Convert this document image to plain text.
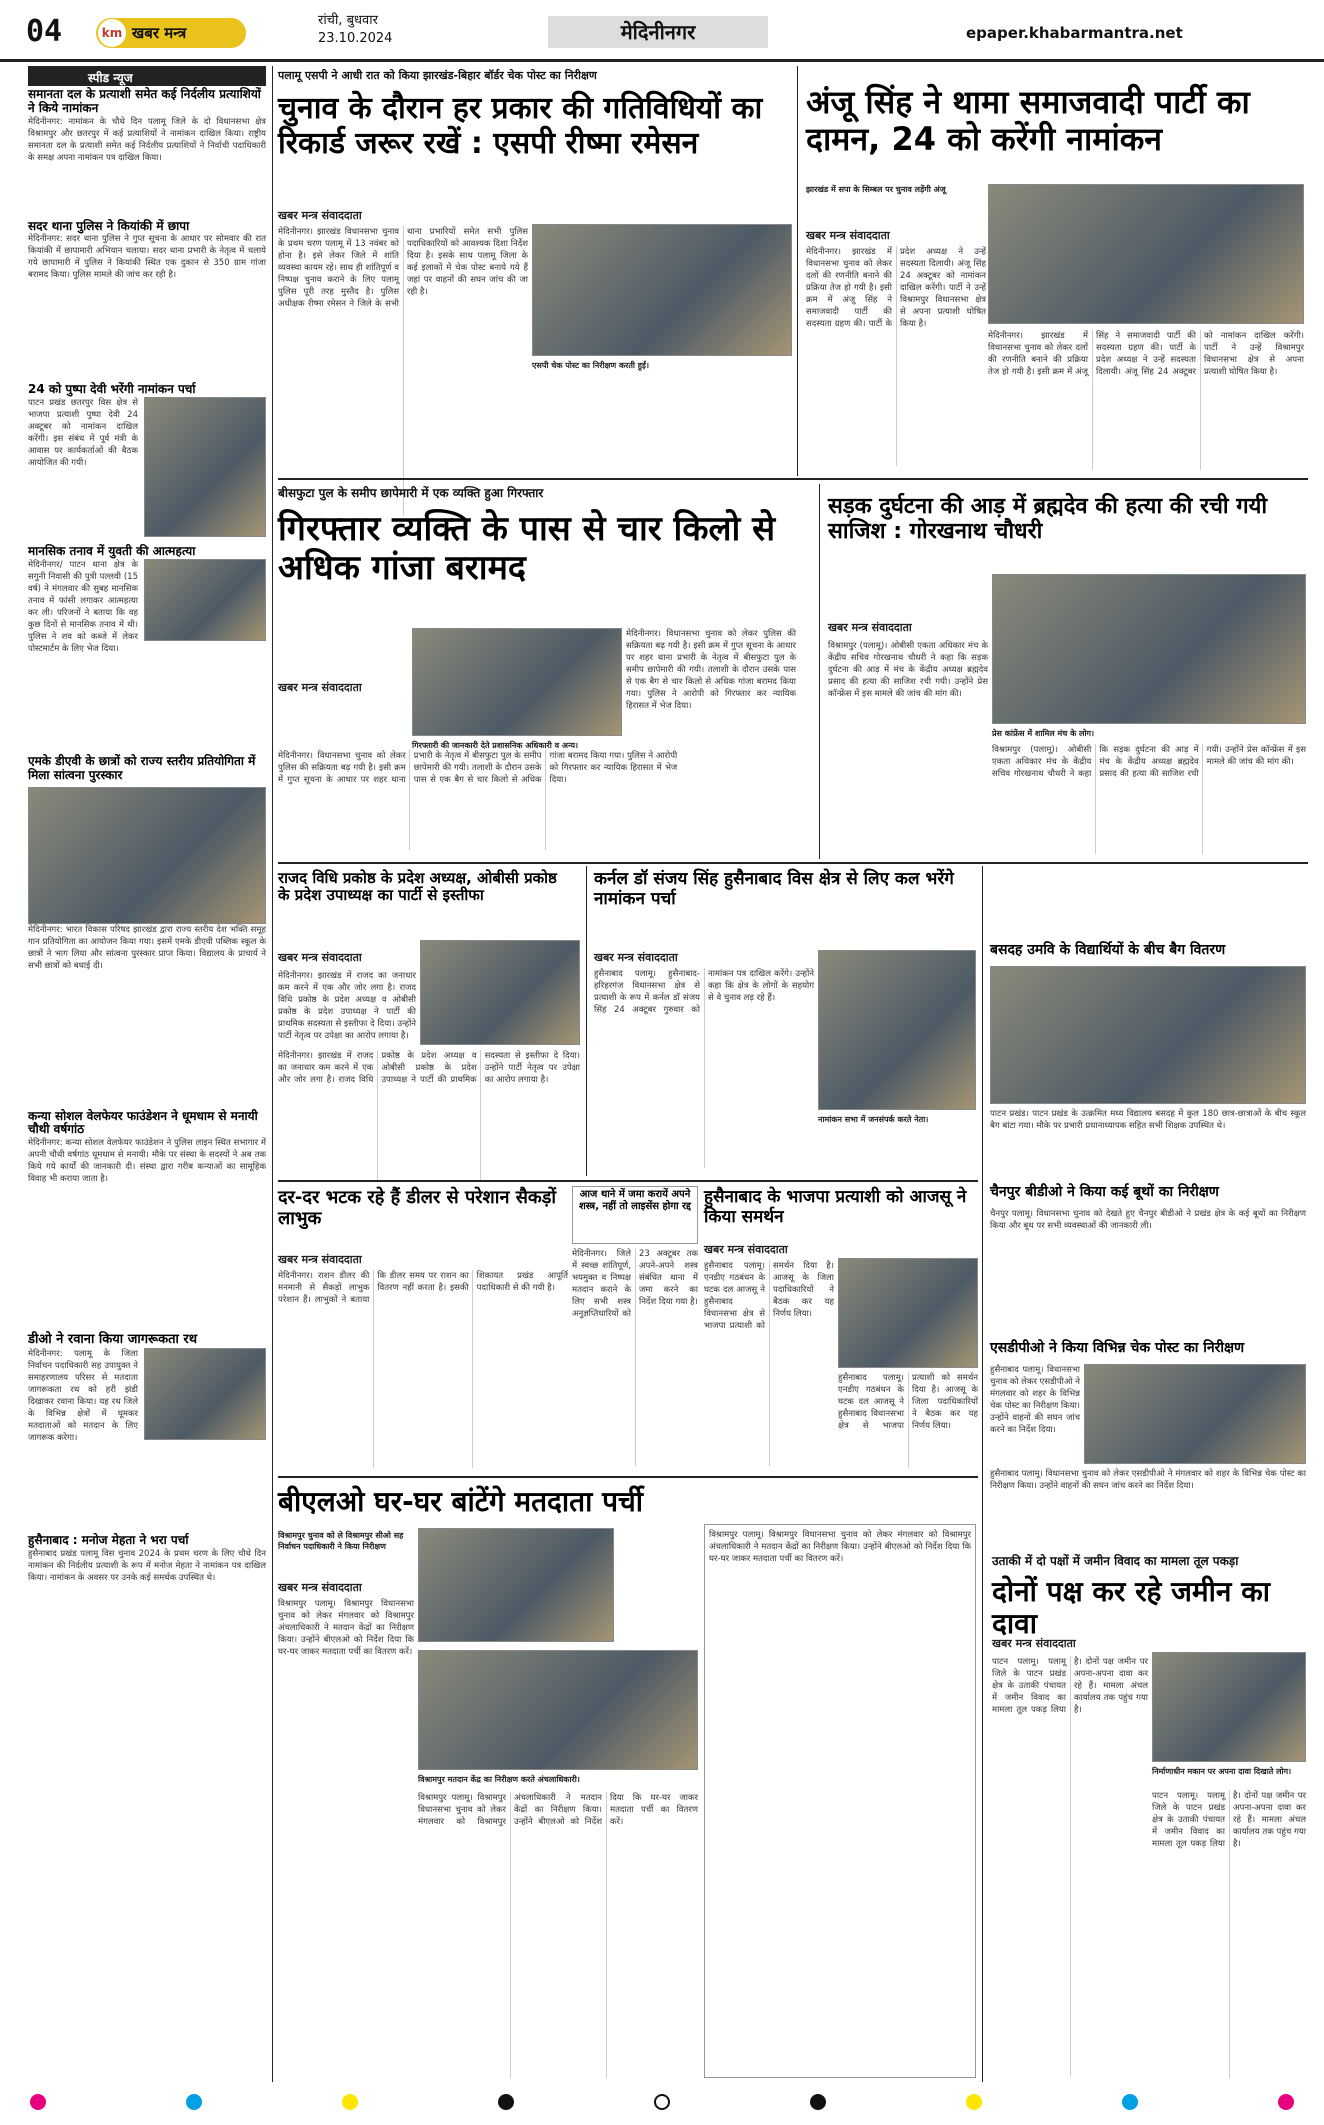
04	km खबर मन्त्र
रांची, बुधवार
23.10.2024	मेदिनीनगर	epaper.khabarmantra.net
स्पीड न्यूज
समानता दल के प्रत्याशी समेत कई निर्दलीय प्रत्याशियों ने किये नामांकन
मेदिनीनगर: नामांकन के चौथे दिन पलामू जिले के दो विधानसभा क्षेत्र विश्रामपुर और छतरपुर में कई प्रत्याशियों ने नामांकन दाखिल किया। राष्ट्रीय समानता दल के प्रत्याशी समेत कई निर्दलीय प्रत्याशियों ने निर्वाची पदाधिकारी के समक्ष अपना नामांकन पत्र दाखिल किया।
सदर थाना पुलिस ने कियांकी में छापा
मेदिनीनगर: सदर थाना पुलिस ने गुप्त सूचना के आधार पर सोमवार की रात कियांकी में छापामारी अभियान चलाया। सदर थाना प्रभारी के नेतृत्व में चलाये गये छापामारी में पुलिस ने कियांकी स्थित एक दुकान से 350 ग्राम गांजा बरामद किया। पुलिस मामले की जांच कर रही है।
24 को पुष्पा देवी भरेंगी नामांकन पर्चा
पाटन प्रखंड छतरपुर विस क्षेत्र से भाजपा प्रत्याशी पुष्पा देवी 24 अक्टूबर को नामांकन दाखिल करेंगी। इस संबंध में पूर्व मंत्री के आवास पर कार्यकर्ताओं की बैठक आयोजित की गयी।
मानसिक तनाव में युवती की आत्महत्या
मेदिनीनगर/ पाटन थाना क्षेत्र के सगुनी निवासी की पुत्री पल्लवी (15 वर्ष) ने मंगलवार की सुबह मानसिक तनाव में फांसी लगाकर आत्महत्या कर ली। परिजनों ने बताया कि वह कुछ दिनों से मानसिक तनाव में थी। पुलिस ने शव को कब्जे में लेकर पोस्टमार्टम के लिए भेज दिया।
एमके डीएवी के छात्रों को राज्य स्तरीय प्रतियोगिता में मिला सांत्वना पुरस्कार
मेदिनीनगर: भारत विकास परिषद झारखंड द्वारा राज्य स्तरीय देश भक्ति समूह गान प्रतियोगिता का आयोजन किया गया। इसमें एमके डीएवी पब्लिक स्कूल के छात्रों ने भाग लिया और सांत्वना पुरस्कार प्राप्त किया। विद्यालय के प्राचार्य ने सभी छात्रों को बधाई दी।
कन्या सोशल वेलफेयर फाउंडेशन ने धूमधाम से मनायी चौथी वर्षगांठ
मेदिनीनगर: कन्या सोशल वेलफेयर फाउंडेशन ने पुलिस लाइन स्थित सभागार में अपनी चौथी वर्षगांठ धूमधाम से मनायी। मौके पर संस्था के सदस्यों ने अब तक किये गये कार्यों की जानकारी दी। संस्था द्वारा गरीब कन्याओं का सामूहिक विवाह भी कराया जाता है।
डीओ ने रवाना किया जागरूकता रथ
मेदिनीनगर: पलामू के जिला निर्वाचन पदाधिकारी सह उपायुक्त ने समाहरणालय परिसर से मतदाता जागरूकता रथ को हरी झंडी दिखाकर रवाना किया। यह रथ जिले के विभिन्न क्षेत्रों में घूमकर मतदाताओं को मतदान के लिए जागरूक करेगा।
हुसैनाबाद : मनोज मेहता ने भरा पर्चा
हुसैनाबाद प्रखंड पलामू विस चुनाव 2024 के प्रथम चरण के लिए चौथे दिन नामांकन की निर्दलीय प्रत्याशी के रूप में मनोज मेहता ने नामांकन पत्र दाखिल किया। नामांकन के अवसर पर उनके कई समर्थक उपस्थित थे।
पलामू एसपी ने आधी रात को किया झारखंड-बिहार बॉर्डर चेक पोस्ट का निरीक्षण
चुनाव के दौरान हर प्रकार की गतिविधियों का रिकार्ड जरूर रखें : एसपी रीष्मा रमेसन
खबर मन्त्र संवाददाता
मेदिनीनगर। झारखंड विधानसभा चुनाव के प्रथम चरण पलामू में 13 नवंबर को होना है। इसे लेकर जिले में शांति व्यवस्था कायम रहे। साथ ही शांतिपूर्ण व निष्पक्ष चुनाव कराने के लिए पलामू पुलिस पूरी तरह मुस्तैद है। पुलिस अधीक्षक रीष्मा रमेसन ने जिले के सभी थाना प्रभारियों समेत सभी पुलिस पदाधिकारियों को आवश्यक दिशा निर्देश दिया है। इसके साथ पलामू जिला के कई इलाकों में चेक पोस्ट बनाये गये हैं जहां पर वाहनों की सघन जांच की जा रही है।
एसपी चेक पोस्ट का निरीक्षण करती हुईं।
अंजू सिंह ने थामा समाजवादी पार्टी का दामन, 24 को करेंगी नामांकन
झारखंड में सपा के सिम्बल पर चुनाव लड़ेंगी अंजू
खबर मन्त्र संवाददाता
मेदिनीनगर। झारखंड में विधानसभा चुनाव को लेकर दलों की रणनीति बनाने की प्रक्रिया तेज हो गयी है। इसी क्रम में अंजू सिंह ने समाजवादी पार्टी की सदस्यता ग्रहण की। पार्टी के प्रदेश अध्यक्ष ने उन्हें सदस्यता दिलायी। अंजू सिंह 24 अक्टूबर को नामांकन दाखिल करेंगी। पार्टी ने उन्हें विश्रामपुर विधानसभा क्षेत्र से अपना प्रत्याशी घोषित किया है।
मेदिनीनगर। झारखंड में विधानसभा चुनाव को लेकर दलों की रणनीति बनाने की प्रक्रिया तेज हो गयी है। इसी क्रम में अंजू सिंह ने समाजवादी पार्टी की सदस्यता ग्रहण की। पार्टी के प्रदेश अध्यक्ष ने उन्हें सदस्यता दिलायी। अंजू सिंह 24 अक्टूबर को नामांकन दाखिल करेंगी। पार्टी ने उन्हें विश्रामपुर विधानसभा क्षेत्र से अपना प्रत्याशी घोषित किया है।
बीसफुटा पुल के समीप छापेमारी में एक व्यक्ति हुआ गिरफ्तार
गिरफ्तार व्यक्ति के पास से चार किलो से अधिक गांजा बरामद
खबर मन्त्र संवाददाता
गिरफ्तारी की जानकारी देते प्रशासनिक अधिकारी व अन्य।
मेदिनीनगर। विधानसभा चुनाव को लेकर पुलिस की सक्रियता बढ़ गयी है। इसी क्रम में गुप्त सूचना के आधार पर शहर थाना प्रभारी के नेतृत्व में बीसफुटा पुल के समीप छापेमारी की गयी। तलाशी के दौरान उसके पास से एक बैग से चार किलो से अधिक गांजा बरामद किया गया। पुलिस ने आरोपी को गिरफ्तार कर न्यायिक हिरासत में भेज दिया।
मेदिनीनगर। विधानसभा चुनाव को लेकर पुलिस की सक्रियता बढ़ गयी है। इसी क्रम में गुप्त सूचना के आधार पर शहर थाना प्रभारी के नेतृत्व में बीसफुटा पुल के समीप छापेमारी की गयी। तलाशी के दौरान उसके पास से एक बैग से चार किलो से अधिक गांजा बरामद किया गया। पुलिस ने आरोपी को गिरफ्तार कर न्यायिक हिरासत में भेज दिया।
सड़क दुर्घटना की आड़ में ब्रह्मदेव की हत्या की रची गयी साजिश : गोरखनाथ चौधरी
खबर मन्त्र संवाददाता
विश्रामपुर (पलामू)। ओबीसी एकता अधिकार मंच के केंद्रीय सचिव गोरखनाथ चौधरी ने कहा कि सड़क दुर्घटना की आड़ में मंच के केंद्रीय अध्यक्ष ब्रह्मदेव प्रसाद की हत्या की साजिश रची गयी। उन्होंने प्रेस कॉन्फ्रेंस में इस मामले की जांच की मांग की।
प्रेस कांफ्रेंस में शामिल मंच के लोग।
विश्रामपुर (पलामू)। ओबीसी एकता अधिकार मंच के केंद्रीय सचिव गोरखनाथ चौधरी ने कहा कि सड़क दुर्घटना की आड़ में मंच के केंद्रीय अध्यक्ष ब्रह्मदेव प्रसाद की हत्या की साजिश रची गयी। उन्होंने प्रेस कॉन्फ्रेंस में इस मामले की जांच की मांग की।
राजद विधि प्रकोष्ठ के प्रदेश अध्यक्ष, ओबीसी प्रकोष्ठ के प्रदेश उपाध्यक्ष का पार्टी से इस्तीफा
खबर मन्त्र संवाददाता
मेदिनीनगर। झारखंड में राजद का जनाधार कम करने में एक और जोर लगा है। राजद विधि प्रकोष्ठ के प्रदेश अध्यक्ष व ओबीसी प्रकोष्ठ के प्रदेश उपाध्यक्ष ने पार्टी की प्राथमिक सदस्यता से इस्तीफा दे दिया। उन्होंने पार्टी नेतृत्व पर उपेक्षा का आरोप लगाया है।
मेदिनीनगर। झारखंड में राजद का जनाधार कम करने में एक और जोर लगा है। राजद विधि प्रकोष्ठ के प्रदेश अध्यक्ष व ओबीसी प्रकोष्ठ के प्रदेश उपाध्यक्ष ने पार्टी की प्राथमिक सदस्यता से इस्तीफा दे दिया। उन्होंने पार्टी नेतृत्व पर उपेक्षा का आरोप लगाया है।
कर्नल डॉ संजय सिंह हुसैनाबाद विस क्षेत्र से लिए कल भरेंगे नामांकन पर्चा
खबर मन्त्र संवाददाता
हुसैनाबाद पलामू। हुसैनाबाद-हरिहरगंज विधानसभा क्षेत्र से प्रत्याशी के रूप में कर्नल डॉ संजय सिंह 24 अक्टूबर गुरुवार को नामांकन पत्र दाखिल करेंगे। उन्होंने कहा कि क्षेत्र के लोगों के सहयोग से वे चुनाव लड़ रहे हैं।
नामांकन सभा में जनसंपर्क करते नेता।
बसदह उमवि के विद्यार्थियों के बीच बैग वितरण
पाटन प्रखंड। पाटन प्रखंड के उत्क्रमित मध्य विद्यालय बसदह में कुल 180 छात्र-छात्राओं के बीच स्कूल बैग बांटा गया। मौके पर प्रभारी प्रधानाध्यापक सहित सभी शिक्षक उपस्थित थे।
दर-दर भटक रहे हैं डीलर से परेशान सैकड़ों लाभुक
खबर मन्त्र संवाददाता
मेदिनीनगर। राशन डीलर की मनमानी से सैकड़ों लाभुक परेशान हैं। लाभुकों ने बताया कि डीलर समय पर राशन का वितरण नहीं करता है। इसकी शिकायत प्रखंड आपूर्ति पदाधिकारी से की गयी है।
आज थाने में जमा करायें अपने शस्त्र, नहीं तो लाइसेंस होगा रद्द
मेदिनीनगर। जिले में स्वच्छ शांतिपूर्ण, भयमुक्त व निष्पक्ष मतदान कराने के लिए सभी शस्त्र अनुज्ञप्तिधारियों को 23 अक्टूबर तक अपने-अपने शस्त्र संबंधित थाना में जमा करने का निर्देश दिया गया है।
हुसैनाबाद के भाजपा प्रत्याशी को आजसू ने किया समर्थन
खबर मन्त्र संवाददाता
हुसैनाबाद पलामू। एनडीए गठबंधन के घटक दल आजसू ने हुसैनाबाद विधानसभा क्षेत्र से भाजपा प्रत्याशी को समर्थन दिया है। आजसू के जिला पदाधिकारियों ने बैठक कर यह निर्णय लिया।
हुसैनाबाद पलामू। एनडीए गठबंधन के घटक दल आजसू ने हुसैनाबाद विधानसभा क्षेत्र से भाजपा प्रत्याशी को समर्थन दिया है। आजसू के जिला पदाधिकारियों ने बैठक कर यह निर्णय लिया।
चैनपुर बीडीओ ने किया कई बूथों का निरीक्षण
चैनपुर पलामू। विधानसभा चुनाव को देखते हुए चैनपुर बीडीओ ने प्रखंड क्षेत्र के कई बूथों का निरीक्षण किया और बूथ पर सभी व्यवस्थाओं की जानकारी ली।
एसडीपीओ ने किया विभिन्न चेक पोस्ट का निरीक्षण
हुसैनाबाद पलामू। विधानसभा चुनाव को लेकर एसडीपीओ ने मंगलवार को शहर के विभिन्न चेक पोस्ट का निरीक्षण किया। उन्होंने वाहनों की सघन जांच करने का निर्देश दिया।
हुसैनाबाद पलामू। विधानसभा चुनाव को लेकर एसडीपीओ ने मंगलवार को शहर के विभिन्न चेक पोस्ट का निरीक्षण किया। उन्होंने वाहनों की सघन जांच करने का निर्देश दिया।
बीएलओ घर-घर बांटेंगे मतदाता पर्ची
विश्रामपुर चुनाव को ले विश्रामपुर सीओ सह निर्वाचन पदाधिकारी ने किया निरीक्षण
खबर मन्त्र संवाददाता
विश्रामपुर पलामू। विश्रामपुर विधानसभा चुनाव को लेकर मंगलवार को विश्रामपुर अंचलाधिकारी ने मतदान केंद्रों का निरीक्षण किया। उन्होंने बीएलओ को निर्देश दिया कि घर-घर जाकर मतदाता पर्ची का वितरण करें।
विश्रामपुर मतदान केंद्र का निरीक्षण करते अंचलाधिकारी।
विश्रामपुर पलामू। विश्रामपुर विधानसभा चुनाव को लेकर मंगलवार को विश्रामपुर अंचलाधिकारी ने मतदान केंद्रों का निरीक्षण किया। उन्होंने बीएलओ को निर्देश दिया कि घर-घर जाकर मतदाता पर्ची का वितरण करें।
विश्रामपुर पलामू। विश्रामपुर विधानसभा चुनाव को लेकर मंगलवार को विश्रामपुर अंचलाधिकारी ने मतदान केंद्रों का निरीक्षण किया। उन्होंने बीएलओ को निर्देश दिया कि घर-घर जाकर मतदाता पर्ची का वितरण करें।	उताकी में दो पक्षों में जमीन विवाद का मामला तूल पकड़ा
दोनों पक्ष कर रहे जमीन का दावा
खबर मन्त्र संवाददाता
पाटन पलामू। पलामू जिले के पाटन प्रखंड क्षेत्र के उताकी पंचायत में जमीन विवाद का मामला तूल पकड़ लिया है। दोनों पक्ष जमीन पर अपना-अपना दावा कर रहे हैं। मामला अंचल कार्यालय तक पहुंच गया है।
निर्माणाधीन मकान पर अपना दावा दिखाते लोग।
पाटन पलामू। पलामू जिले के पाटन प्रखंड क्षेत्र के उताकी पंचायत में जमीन विवाद का मामला तूल पकड़ लिया है। दोनों पक्ष जमीन पर अपना-अपना दावा कर रहे हैं। मामला अंचल कार्यालय तक पहुंच गया है।
